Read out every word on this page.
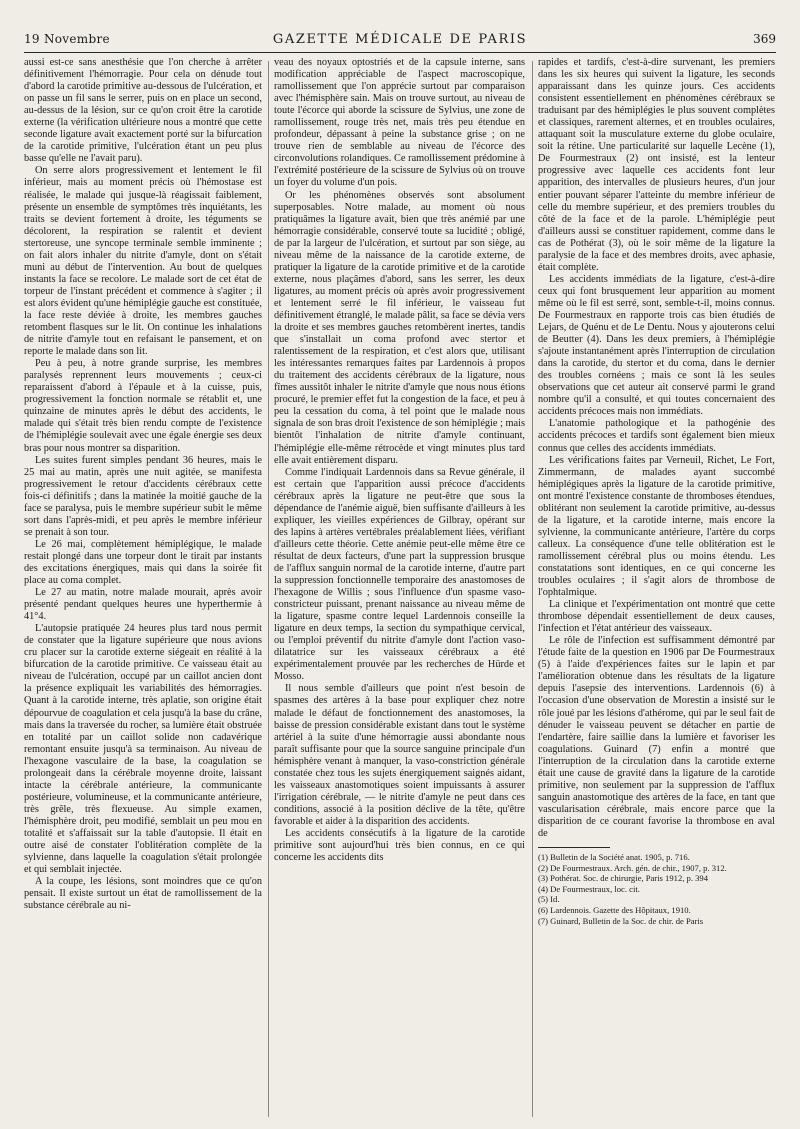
19 Novembre	GAZETTE MÉDICALE DE PARIS	369

aussi est-ce sans anesthésie que l'on cherche à arrêter définitivement l'hémorragie. Pour cela on dénude tout d'abord la carotide primitive au-dessous de l'ulcération, et on passe un fil sans le serrer, puis on en place un second, au-dessus de la lésion, sur ce qu'on croit être la carotide externe (la vérification ultérieure nous a montré que cette seconde ligature avait exactement porté sur la bifurcation de la carotide primitive, l'ulcération étant un peu plus basse qu'elle ne l'avait paru).

On serre alors progressivement et lentement le fil inférieur, mais au moment précis où l'hémostase est réalisée, le malade qui jusque-là réagissait faiblement, présente un ensemble de symptômes très inquiétants, les traits se devient fortement à droite, les téguments se décolorent, la respiration se ralentit et devient stertoreuse, une syncope terminale semble imminente ; on fait alors inhaler du nitrite d'amyle, dont on s'était muni au début de l'intervention. Au bout de quelques instants la face se recolore. Le malade sort de cet état de torpeur de l'instant précédent et commence à s'agiter ; il est alors évident qu'une hémiplégie gauche est constituée, la face reste déviée à droite, les membres gauches retombent flasques sur le lit. On continue les inhalations de nitrite d'amyle tout en refaisant le pansement, et on reporte le malade dans son lit.

Peu à peu, à notre grande surprise, les membres paralysés reprennent leurs mouvements ; ceux-ci reparaissent d'abord à l'épaule et à la cuisse, puis, progressivement la fonction normale se rétablit et, une quinzaine de minutes après le début des accidents, le malade qui s'était très bien rendu compte de l'existence de l'hémiplégie soulevait avec une égale énergie ses deux bras pour nous montrer sa disparition.

Les suites furent simples pendant 36 heures, mais le 25 mai au matin, après une nuit agitée, se manifesta progressivement le retour d'accidents cérébraux cette fois-ci définitifs ; dans la matinée la moitié gauche de la face se paralysa, puis le membre supérieur subit le même sort dans l'après-midi, et peu après le membre inférieur se prenait à son tour.

Le 26 mai, complètement hémiplégique, le malade restait plongé dans une torpeur dont le tirait par instants des excitations énergiques, mais qui dans la soirée fit place au coma complet.

Le 27 au matin, notre malade mourait, après avoir présenté pendant quelques heures une hyperthermie à 41°4.

L'autopsie pratiquée 24 heures plus tard nous permit de constater que la ligature supérieure que nous avions cru placer sur la carotide externe siégeait en réalité à la bifurcation de la carotide primitive. Ce vaisseau était au niveau de l'ulcération, occupé par un caillot ancien dont la présence expliquait les variabilités des hémorragies. Quant à la carotide interne, très aplatie, son origine était dépourvue de coagulation et cela jusqu'à la base du crâne, mais dans la traversée du rocher, sa lumière était obstruée en totalité par un caillot solide non cadavérique remontant ensuite jusqu'à sa terminaison. Au niveau de l'hexagone vasculaire de la base, la coagulation se prolongeait dans la cérébrale moyenne droite, laissant intacte la cérébrale antérieure, la communicante postérieure, volumineuse, et la communicante antérieure, très grêle, très flexueuse. Au simple examen, l'hémisphère droit, peu modifié, semblait un peu mou en totalité et s'affaissait sur la table d'autopsie. Il était en outre aisé de constater l'oblitération complète de la sylvienne, dans laquelle la coagulation s'était prolongée et qui semblait injectée.

A la coupe, les lésions, sont moindres que ce qu'on pensait. Il existe surtout un état de ramollissement de la substance cérébrale au ni-

veau des noyaux optostriés et de la capsule interne, sans modification appréciable de l'aspect macroscopique, ramollissement que l'on apprécie surtout par comparaison avec l'hémisphère sain. Mais on trouve surtout, au niveau de toute l'écorce qui aborde la scissure de Sylvius, une zone de ramollissement, rouge très net, mais très peu étendue en profondeur, dépassant à peine la substance grise ; on ne trouve rien de semblable au niveau de l'écorce des circonvolutions rolandiques. Ce ramollissement prédomine à l'extrémité postérieure de la scissure de Sylvius où on trouve un foyer du volume d'un pois.

Or les phénomènes observés sont absolument superposables. Notre malade, au moment où nous pratiquâmes la ligature avait, bien que très anémié par une hémorragie considérable, conservé toute sa lucidité ; obligé, de par la largeur de l'ulcération, et surtout par son siège, au niveau même de la naissance de la carotide externe, de pratiquer la ligature de la carotide primitive et de la carotide externe, nous plaçâmes d'abord, sans les serrer, les deux ligatures, au moment précis où après avoir progressivement et lentement serré le fil inférieur, le vaisseau fut définitivement étranglé, le malade pâlit, sa face se dévia vers la droite et ses membres gauches retombèrent inertes, tandis que s'installait un coma profond avec stertor et ralentissement de la respiration, et c'est alors que, utilisant les intéressantes remarques faites par Lardennois à propos du traitement des accidents cérébraux de la ligature, nous fîmes aussitôt inhaler le nitrite d'amyle que nous nous étions procuré, le premier effet fut la congestion de la face, et peu à peu la cessation du coma, à tel point que le malade nous signala de son bras droit l'existence de son hémiplégie ; mais bientôt l'inhalation de nitrite d'amyle continuant, l'hémiplégie elle-même rétrocède et vingt minutes plus tard elle avait entièrement disparu.

Comme l'indiquait Lardennois dans sa Revue générale, il est certain que l'apparition aussi précoce d'accidents cérébraux après la ligature ne peut-être que sous la dépendance de l'anémie aiguë, bien suffisante d'ailleurs à les expliquer, les vieilles expériences de Gilbray, opérant sur des lapins à artères vertébrales préalablement liées, vérifiant d'ailleurs cette théorie. Cette anémie peut-elle même être ce résultat de deux facteurs, d'une part la suppression brusque de l'afflux sanguin normal de la carotide interne, d'autre part la suppression fonctionnelle temporaire des anastomoses de l'hexagone de Willis ; sous l'influence d'un spasme vaso-constricteur puissant, prenant naissance au niveau même de la ligature, spasme contre lequel Lardennois conseille la ligature en deux temps, la section du sympathique cervical, ou l'emploi préventif du nitrite d'amyle dont l'action vaso-dilatatrice sur les vaisseaux cérébraux a été expérimentalement prouvée par les recherches de Hürde et Mosso.

Il nous semble d'ailleurs que point n'est besoin de spasmes des artères à la base pour expliquer chez notre malade le défaut de fonctionnement des anastomoses, la baisse de pression considérable existant dans tout le système artériel à la suite d'une hémorragie aussi abondante nous paraît suffisante pour que la source sanguine principale d'un hémisphère venant à manquer, la vaso-constriction générale constatée chez tous les sujets énergiquement saignés aidant, les vaisseaux anastomotiques soient impuissants à assurer l'irrigation cérébrale, — le nitrite d'amyle ne peut dans ces conditions, associé à la position déclive de la tête, qu'être favorable et aider à la disparition des accidents.

Les accidents consécutifs à la ligature de la carotide primitive sont aujourd'hui très bien connus, en ce qui concerne les accidents dits

rapides et tardifs, c'est-à-dire survenant, les premiers dans les six heures qui suivent la ligature, les seconds apparaissant dans les quinze jours. Ces accidents consistent essentiellement en phénomènes cérébraux se traduisant par des hémiplégies le plus souvent complètes et classiques, rarement alternes, et en troubles oculaires, attaquant soit la musculature externe du globe oculaire, soit la rétine. Une particularité sur laquelle Lecène (1), De Fourmestraux (2) ont insisté, est la lenteur progressive avec laquelle ces accidents font leur apparition, des intervalles de plusieurs heures, d'un jour entier pouvant séparer l'atteinte du membre inférieur de celle du membre supérieur, et des premiers troubles du côté de la face et de la parole. L'hémiplégie peut d'ailleurs aussi se constituer rapidement, comme dans le cas de Pothérat (3), où le soir même de la ligature la paralysie de la face et des membres droits, avec aphasie, était complète.

Les accidents immédiats de la ligature, c'est-à-dire ceux qui font brusquement leur apparition au moment même où le fil est serré, sont, semble-t-il, moins connus. De Fourmestraux en rapporte trois cas bien étudiés de Lejars, de Quénu et de Le Dentu. Nous y ajouterons celui de Beutter (4). Dans les deux premiers, à l'hémiplégie s'ajoute instantanément après l'interruption de circulation dans la carotide, du stertor et du coma, dans le dernier des troubles cornéens ; mais ce sont là les seules observations que cet auteur ait conservé parmi le grand nombre qu'il a consulté, et qui toutes concernaient des accidents précoces mais non immédiats.

L'anatomie pathologique et la pathogénie des accidents précoces et tardifs sont également bien mieux connus que celles des accidents immédiats.

Les vérifications faites par Verneuil, Richet, Le Fort, Zimmermann, de malades ayant succombé hémiplégiques après la ligature de la carotide primitive, ont montré l'existence constante de thromboses étendues, oblitérant non seulement la carotide primitive, au-dessus de la ligature, et la carotide interne, mais encore la sylvienne, la communicante antérieure, l'artère du corps calleux. La conséquence d'une telle oblitération est le ramollissement cérébral plus ou moins étendu. Les constatations sont identiques, en ce qui concerne les troubles oculaires ; il s'agit alors de thrombose de l'ophtalmique.

La clinique et l'expérimentation ont montré que cette thrombose dépendait essentiellement de deux causes, l'infection et l'état antérieur des vaisseaux.

Le rôle de l'infection est suffisamment démontré par l'étude faite de la question en 1906 par De Fourmestraux (5) à l'aide d'expériences faites sur le lapin et par l'amélioration obtenue dans les résultats de la ligature depuis l'asepsie des interventions. Lardennois (6) à l'occasion d'une observation de Morestin a insisté sur le rôle joué par les lésions d'athérome, qui par le seul fait de dénuder le vaisseau peuvent se détacher en partie de l'endartère, faire saillie dans la lumière et favoriser les coagulations. Guinard (7) enfin a montré que l'interruption de la circulation dans la carotide externe était une cause de gravité dans la ligature de la carotide primitive, non seulement par la suppression de l'afflux sanguin anastomotique des artères de la face, en tant que vascularisation cérébrale, mais encore parce que la disparition de ce courant favorise la thrombose en aval de

(1) Bulletin de la Société anat. 1905, p. 716.
(2) De Fourmestraux. Arch. gén. de chir., 1907, p. 312.
(3) Pothérat. Soc. de chirurgie, Paris 1912, p. 394
(4) De Fourmestraux, loc. cit.
(5) Id.
(6) Lardennois. Gazette des Hôpitaux, 1910.
(7) Guinard, Bulletin de la Soc. de chir. de Paris
